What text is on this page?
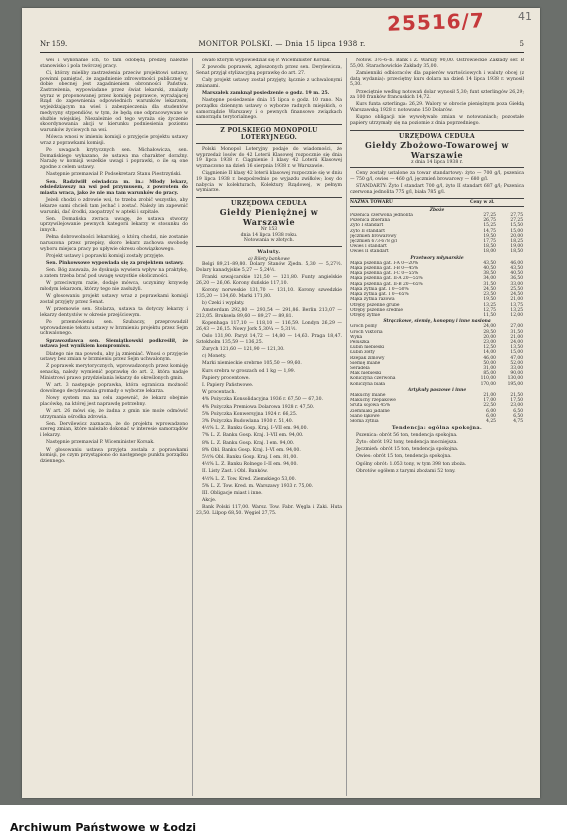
25516/7	41
Nr 159.	MONITOR POLSKI. — Dnia 15 lipca 1938 r.	5

wei i wykonanie ich, to tam odobędą predzej należne stanowisko i pola twórczej pracy.

Ci, którzy mieliby zastrzeżenia przeciw projektowi ustawy, powinni pamiętać, że zagadnienie zdrowotności publicznej w dobie obecnej jest zagadnieniem obronności Państwa. Zastrzeżenia, wypowiadane przez świat lekarski, znalazły wyraz w proponowanej przez komisję poprawce, wyrażającej Rząd do zapewnienia odpowiednich warunków lekarzom, wyjeżdżającym na wieś i zabezpieczenia dla studentów medycyny stypendiów, w tym, że będą one odpracowywane w służbie wiejskiej. Niezależnie od tego wyraża się życzenie skoordynowania akcji w kierunku podniesienia poziomu warunków życiowych na wsi.

Mówca wnosi w imieniu komisji o przyjęcie projektu ustawy wraz z poprawkami komisji.

Po uwagach krytycznych sen. Michałowicza, sen. Domańskiego wykazano, że ustawa ma charakter doraźny. Narażę w komisji wszelkie uwagi i poprawki, o ile są one zgodne z celem ustawy.

Następnie przemawiał P. Podsekretarz Stanu Piestrzyński.

Sen. Radziwiłł oświadcza m. in.: Młody lekarz, odsiedziawszy na wsi pod przymusem, z powrotem do miasta wraca, jako że nie ma tam warunków do pracy.

Jeżeli chodzi o zdrowie wsi, to trzeba zrobić wszystko, aby lekarze sami chcieli tam jechać i zostać. Należy im zapewnić warunki, dać środki, zaopatrzyć w apteki i szpitale.

Sen. Domańska zwraca uwagę, że ustawa stworzy uprzywilejowanie pewnych kategorii lekarzy w stosunku do innych.

Pełna dobrowolności lekarskiej, o którą chodzi, nie zostanie naruszona przez przepisy, skoro lekarz zachowa swobodę wyboru miejsca pracy po upływie okresu obowiązkowego.

Projekt ustawy i poprawki komisji zostały przyjęte.

Sen. Pinkowsowe wypowiada się za projektem ustawy.

Sen. Bóg zauważa, że dyskusja wywiera wpływ na praktykę, a zatem trzeba brać pod uwagę wszystkie okoliczności.

W przeciwnym razie, dodaje mówca, uczynimy krzywdę młodym lekarzom, którzy tego nie zasłużyli.

W głosowaniu projekt ustawy wraz z poprawkami komisji został przyjęty przez Senat.

W przemowie sen. Stolarza, ustawa ta dotyczy lekarzy i lekarzy dentystów w okresie przejściowym.

Po przemówieniu sen. Szubaczy, przeprowadził wprowadzenie tekstu ustawy w brzmieniu projektu przez Sejm uchwalonego.

Sprawozdawca sen. Siemiątkowski podkreślił, że ustawa jest wynikiem kompromisu.

Dlatego nie ma powodu, aby ją zmieniać. Wnosi o przyjęcie ustawy bez zmian w brzmieniu przez Sejm uchwalonym.

Z poprawek merytorycznych, wprowadzonych przez komisję senacką, należy wymienić poprawkę do art. 2, która nadaje Ministrowi prawo przydzielania lekarzy do określonych gmin.

W art. 3 następuje poprawka, która ogranicza możność dowolnego decydowania gromady o wyborze lekarza.

Nowy system ma na celu zapewnić, że lekarz obejmie placówkę, na której jest naprawdę potrzebny.

W art. 26 mówi się, że żadna z gmin nie może odmówić utrzymania ośrodka zdrowia.

Sen. Dervilewicz zaznacza, że do projektu wprowadzono szereg zmian, które należało dokonać w interesie samorządów i lekarzy.

Następnie przemawiał P. Wiceminister Korsak.

W głosowaniu ustawa przyjęta została z poprawkami komisji, po czym przystąpiono do następnego punktu porządku dziennego.

owało którym wypowiedział się P. Wiceminister Korsak.

Z powodu poprawek, zgłoszonych przez sen. Derylewicza, Senat przyjął stylizacyjną poprawkę do art. 27.

Cały projekt ustawy został przyjęty, łącznie z uchwalonymi zmianami.

Marszałek zamknął posiedzenie o godz. 19 m. 25.

Następne posiedzenie dnia 15 lipca o godz. 10 rano. Na porządku dziennym ustawy o wyborze radnych miejskich, o samorządzie Warszawy i o pewnych finansowo związkach samorządu terytorialnego.

Z POLSKIEGO MONOPOLU LOTERYJNEGO.

Polski Monopol Loteryjny podaje do wiadomości, że wyprzedaż losów do 42 Loterii Klasowej rozpocznie się dnia 19 lipca 1938 r. Ciągnienie I klasy 42 Loterii Klasowej wyznaczono na dzień 16 sierpnia 1938 r. w Warszawie.

Ciągnienie II klasy 42 loterii klasowej rozpocznie się w dniu 19 lipca 1938 r. bezpośrednio po wyjazdu zwiłków; losy do nabycia w kolekturach, Kolektury Rządowej, w pełnym wymiarze.

URZĘDOWA CEDUŁA
Giełdy Pieniężnej w Warszawie
Nr 153
dnia 14 lipca 1938 roku.
Notowania w złotych.
Waluty.
a) Bilety bankowe

Belgi 89,21–89,80. Dolary Stanów Zjedn. 5,30 — 5,27½. Dolary kanadyjskie 5,27 — 5,24½.

Franki szwajcarskie 121,50 — 121,80. Funty angielskie 26,20 — 26,06. Korony duńskie 117,10.

Korony norweskie 131,70 — 131,10. Korony szwedzkie 135,20 — 134,60. Marki 171,80.

b) Czeki i wypłaty.

Amsterdam 292,80 — 293,54 — 291,86. Berlin 213,07 — 212,05. Bruksela 89,60 — 89,27 — 89,81.

Kopenhaga 117,10 — 118,10 — 116,59. Londyn 26,29 — 26,43 — 26,15. Nowy Jork 5,30¼ — 5,31½.

Oslo 131,90. Paryż 14,72 — 14,80 — 14,63. Praga 18,47. Sztokholm 135,59 — 136,25.

Zurych 121,60 — 121,90 — 121,30.

c) Monety.

Marki niemieckie srebrne 105,50 — 99,60.

Kurs srebra w groszach od 1 kg — 1,99.

Papiery procentowe.

I. Papiery Państwowe.

W procentach.

4% Pożyczka Konsolidacyjna 1936 r. 67,50 — 67,30.

4% Pożyczka Premiowa Dolarowa 1928 r. 47,50.

5% Pożyczka Konwersyjna 1924 r. 66,25.

3% Pożyczka Budowlana 1930 r. 51,40.

4½% L. Z. Banku Gosp. Kraj. I–VII em. 94,00.

7% L. Z. Banku Gosp. Kraj. I–VII em. 94,00.

8% L. Z. Banku Gosp. Kraj. I em. 94,00.

8% Obl. Banku Gosp. Kraj. I–VI em. 94,00.

5½% Obl. Banku Gosp. Kraj. I em. 81,00.

4½% L. Z. Banku Rolnego I–II em. 94,00.

II. Listy Zast. i Obl. Banków.

4½% L. Z. Tow. Kred. Ziemskiego 53,00.

5% L. Z. Tow. Kred. m. Warszawy 1933 r. 75,00.

III. Obligacje miast i inne.

Akcje.

Bank Polski 117,00. Warsz. Tow. Fabr. Węgla i Zaki. Huta 23,50. Lilpop 68,50. Węgiel 27,75.

Notów. 3½–6–b. Bank i Z. Warszy 90,00. Ostrowieckie Zakłady ser. B 55,00. Starachowickie Zakłady 35,00.

Zamienniki odbioraców dla papierów wartościowych i waluty obcej (z datą wydania): przeciętny kurs dolara na dzień 14 lipca 1938 r. wynosił 5,30.

Przeciętnie według notowań dolar wynosił 5,30; funt szterlingów 26,29; za 100 franków francuskich 14,72.

Kurs funta szterlinga: 26,29. Walory w obrocie pieniężnym poza Giełdą Warszawską 1928 r. notowano 150 Dolarów.

Kupno obligacji nie wywoływało zmian w notowaniach; pozostałe papiery utrzymały się na poziomie z dnia poprzedniego.

URZĘDOWA CEDUŁA
Giełdy Zbożowo-Towarowej w Warszawie
z dnia 14 lipca 1938 r.

Ceny zostały ustalone za towar standartowy: żyto — 700 g/l, pszenica — 750 g/l, owies — 460 g/l, jęczmień browarowy — 680 g/l.

STANDARTY: Żyto I standart 700 g/l, żyto II standart 687 g/l; Pszenica czerwona jednolita 775 g/l, biała 785 g/l.

NAZWA TOWARU	Ceny w zł.	
Zboże		
Pszenica czerwona jednolita	27,25	27,75
Pszenica zbierana	26,75	27,25
Żyto I standart	15,25	15,50
Żyto II standart	14,75	15,00
Jęczmień browarowy	19,50	20,00
Jęczmień 673-678 g/l	17,75	18,25
Owies I standart	18,50	19,00
Owies II standart	18,00	18,50
Przetwory młynarskie		
Mąka pszenna gat. I-A 0—20%	43,50	46,00
Mąka pszenna gat. I-B 0—45%	40,50	43,50
Mąka pszenna gat. I-C 0—55%	38,50	40,50
Mąka pszenna gat. II-A 20—55%	34,00	36,50
Mąka pszenna gat. II-B 20—65%	31,50	33,00
Mąka żytnia gat. I 0—50%	24,50	25,50
Mąka żytnia gat. I 0—65%	23,50	24,50
Mąka żytnia razowa	19,50	21,00
Otręby pszenne grube	13,25	13,75
Otręby pszenne średnie	12,75	13,25
Otręby żytnie	11,50	12,00
Strączkowe, siemię, konopny i inne nasiona		
Groch polny	24,00	27,00
Groch Viktoria	28,50	31,50
Wyka	20,00	21,00
Peluszka	23,00	24,00
Łubin niebieski	12,50	13,50
Łubin żółty	14,00	15,00
Rzepak zimowy	46,00	47,00
Siemię lniane	50,00	52,00
Seradela	31,00	33,00
Mak niebieski	85,00	90,00
Koniczyna czerwona	110,00	130,00
Koniczyna biała	170,00	195,00
Artykuły paszowe i inne		
Makuchy lniane	21,00	21,50
Makuchy rzepakowe	17,00	17,50
Śruta sojowa 45%	22,50	23,00
Ziemniaki jadalne	6,00	6,50
Siano łąkowe	6,00	6,50
Słoma żytnia	4,25	4,75
Tendencja: ogólna spokojna.

Pszenica: obrót 56 ton, tendencja spokojna.

Żyto: obrót 192 tony, tendencja mocniejsza.

Jęczmień: obrót 15 ton, tendencja spokojna.

Owies: obrót 15 ton, tendencja spokojna.

Ogólny obrót: 1.053 tony, w tym 398 ton zboża.

Obrotów ogółem z tarymi zbożami 52 tony.

Archiwum Państwowe w Łodzi
